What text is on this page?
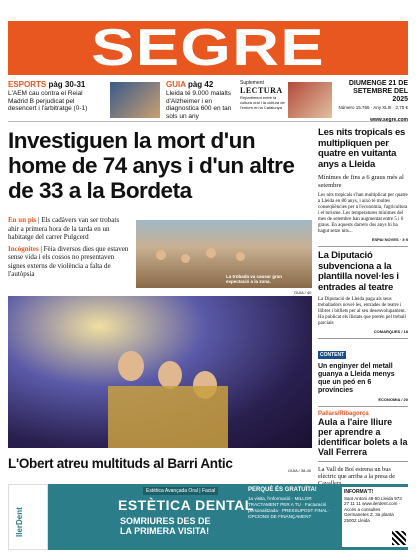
SEGRE
ESPORTS pàg 30-31
L'AEM cau contra el Reial Madrid B perjudicat pel desencert i l'arbitratge (0-1)
GUIA pàg 42
Lleida té 9.000 malalts d'Alzheimer i en diagnostica 600 en tan sols un any
Suplement
LECTURA
Repartiment entre la cultura oral i la cultura de l'entorn en la Catalunya
DIUMENGE 21 DE SETEMBRE DEL 2025
Número 15.765 · Any XLIII · 2,70 €
www.segre.com
Investiguen la mort d'un home de 74 anys i d'un altre de 33 a la Bordeta

En un pis | Els cadàvers van ser trobats ahir a primera hora de la tarda en un habitatge del carrer Pulgcerd

Incògnites | Fèia diversos dies que estaven sense vida i els cossos no presentaven signes externs de violència a falta de l'autòpsia	La trobada va causar gran expectació a la zona.
GUIA / 40
L'Obert atreu multituds al Barri Antic	GUIA / 38-40
Les nits tropicals es multipliquen per quatre en vuitanta anys a Lleida
Mínimes de fins a 6 graus més al setembre
Les nits tropicals s'han multiplicat per quatre a Lleida en 80 anys, i això té moltes conseqüències per a l'economia, l'agricultura i el turisme. Les temperatures mínimes del mes de setembre han augmentat entre 5 i 6 graus. En aquests darrers dos anys hi ha hagut setze nits...
ESPAI NOVES · 3·5
La Diputació subvenciona a la plantilla novel·les i entrades al teatre
La Diputació de Lleida paga als seus treballadors novel·les, entrades de teatre i llibres i bitllets per al seu desenvolupament. Ha publicat els llistats que pretén pel treball parcials
COMARQUES / 18
CONTENT
Un enginyer del metall guanya a Lleida menys que un peó en 6 províncies
ECONOMIA / 20
Pallars/Ribagorça
Aula a l'aire lliure per aprendre a identificar bolets a la Vall Ferrera
La Vall de Boí estrena un bus elèctric que arriba a la presa de
IlerDent
Estètica Avançada Oral | Facial
ESTÈTICA DENTAL
SOMRIURES DES DE
LA PRIMERA VISITA!
PERQUÈ ÉS GRATUÏTA!
1a visita, l'informació · MILLOR TRACTAMENT PER A TU · Facturació personalitzada · PRESSUPOST FINAL · OPCIONS DE FINANÇAMENT
INFORMA'T!
Sant Antoni 48-50 Lleida 973 27 11 11 www.ilerdent.com · Accés a consultes Germanetes Z, 3a planta 25002 Lleida
